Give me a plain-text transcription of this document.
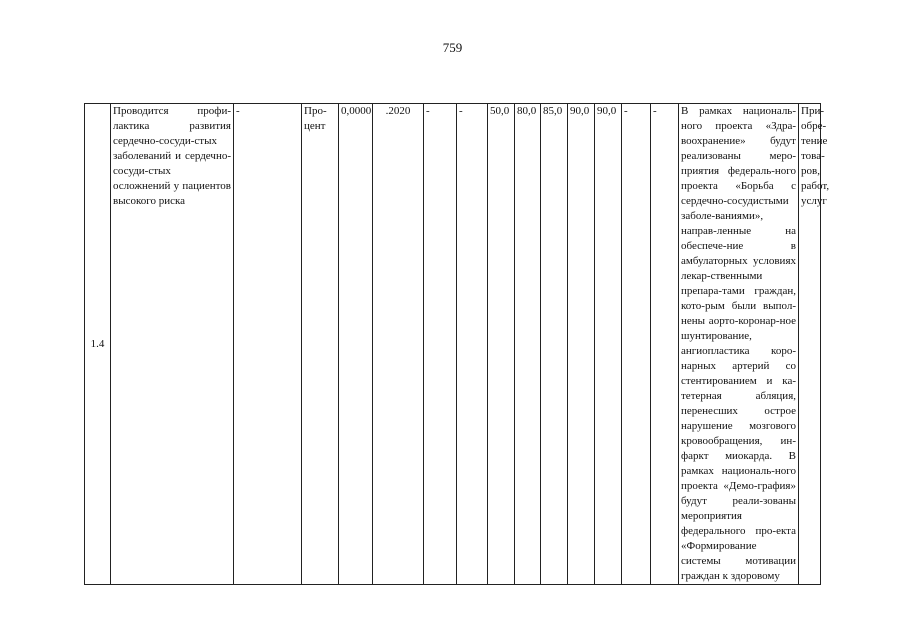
759
1.4	Проводится профи-лактика развития сердечно-сосуди-стых заболеваний и сердечно-сосуди-стых осложнений у пациентов высокого риска	-	Про-цент	0,0000	.2020	-	-	50,0	80,0	85,0	90,0	90,0	-	-	В рамках националь-ного проекта «Здра-воохранение» будут реализованы меро-приятия федераль-ного проекта «Борьба с сердечно-сосудистыми заболе-ваниями», направ-ленные на обеспече-ние в амбулаторных условиях лекар-ственными препара-тами граждан, кото-рым были выпол-нены аорто-коронар-ное шунтирование, ангиопластика корo-нарных артерий со стентированием и ка-тетерная абляция, перенесших острое нарушение мозгового кровообращения, ин-фаркт миокарда. В рамках националь-ного проекта «Демо-графия» будут реали-зованы мероприятия федерального про-екта «Формирование системы мотивации граждан к здоровому	При-обре-тение това-ров, работ, услуг
